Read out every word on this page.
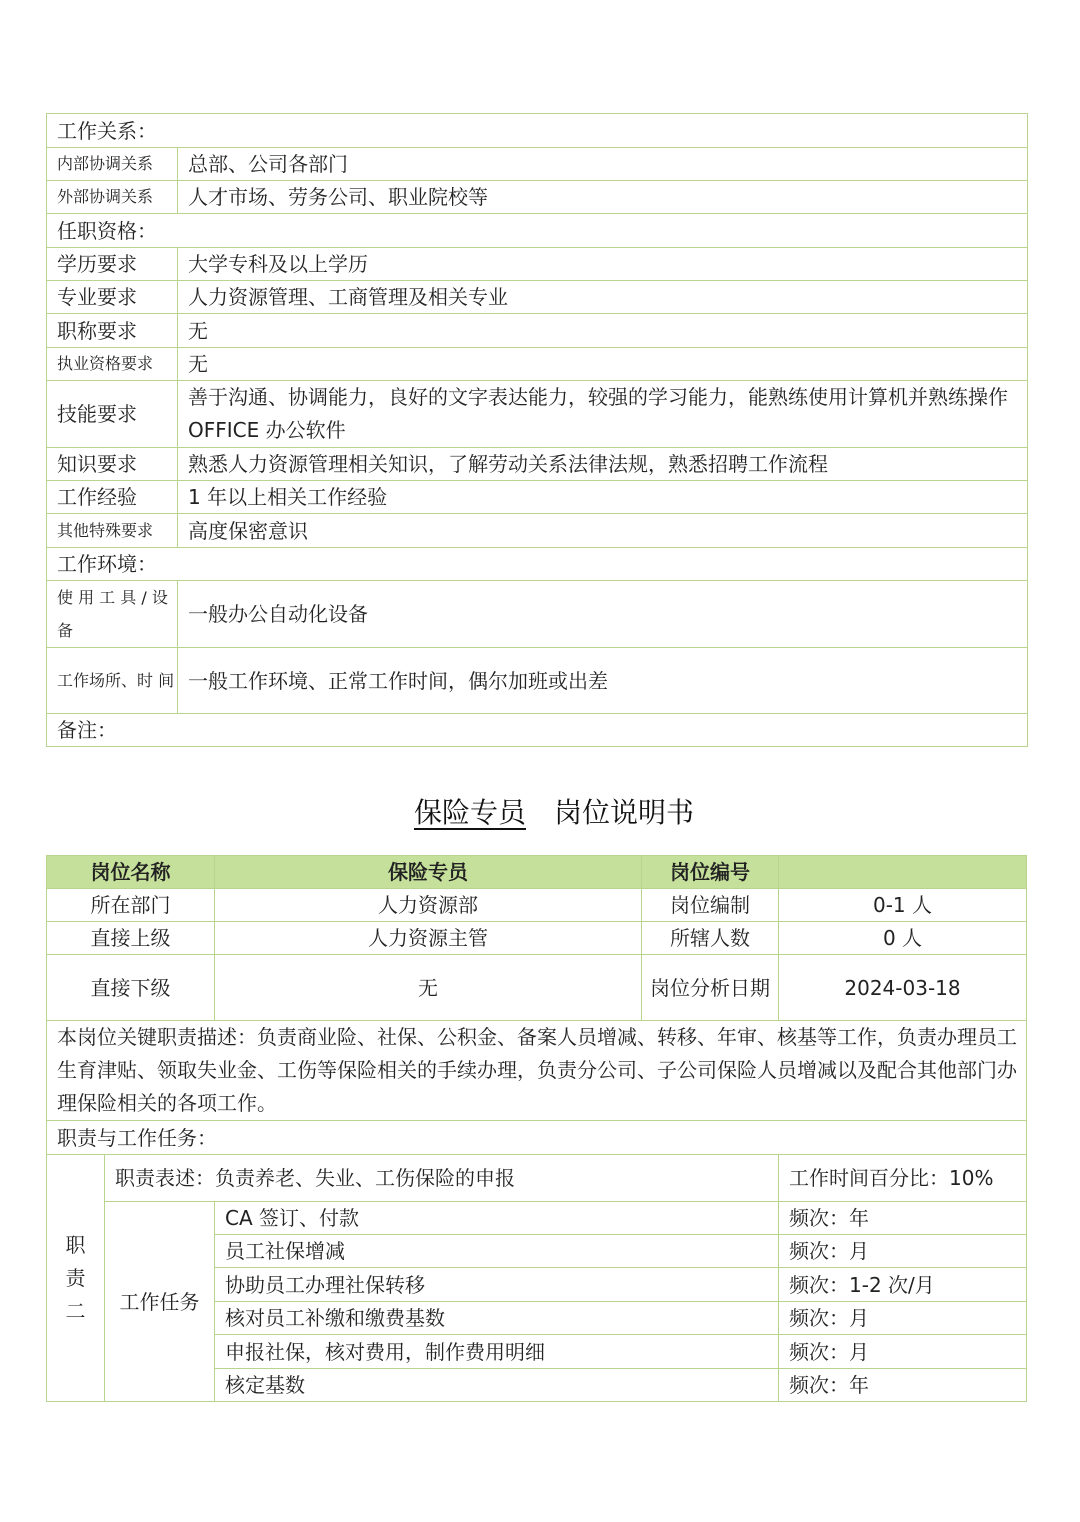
工作关系：	
内部协调关系	总部、公司各部门
外部协调关系	人才市场、劳务公司、职业院校等
任职资格：	
学历要求	大学专科及以上学历
专业要求	人力资源管理、工商管理及相关专业
职称要求	无
执业资格要求	无
技能要求	善于沟通、协调能力，良好的文字表达能力，较强的学习能力，能熟练使用计算机并熟练操作 OFFICE 办公软件
知识要求	熟悉人力资源管理相关知识，了解劳动关系法律法规，熟悉招聘工作流程
工作经验	1 年以上相关工作经验
其他特殊要求	高度保密意识
工作环境：	
使 用 工 具 / 设 备	一般办公自动化设备
工作场所、时 间	一般工作环境、正常工作时间，偶尔加班或出差
备注：	
保险专员 岗位说明书
岗位名称		保险专员	岗位编号	
所在部门		人力资源部	岗位编制	0-1 人
直接上级		人力资源主管	所辖人数	0 人
直接下级		无	岗位分析日期	2024-03-18
本岗位关键职责描述：负责商业险、社保、公积金、备案人员增减、转移、年审、核基等工作，负责办理员工生育津贴、领取失业金、工伤等保险相关的手续办理，负责分公司、子公司保险人员增减以及配合其他部门办理保险相关的各项工作。				
职责与工作任务：				
职责二	职责表述：负责养老、失业、工伤保险的申报			工作时间百分比：10%
	工作任务	CA 签订、付款		频次：年
		员工社保增减		频次：月
		协助员工办理社保转移		频次：1-2 次/月
		核对员工补缴和缴费基数		频次：月
		申报社保，核对费用，制作费用明细		频次：月
		核定基数		频次：年
